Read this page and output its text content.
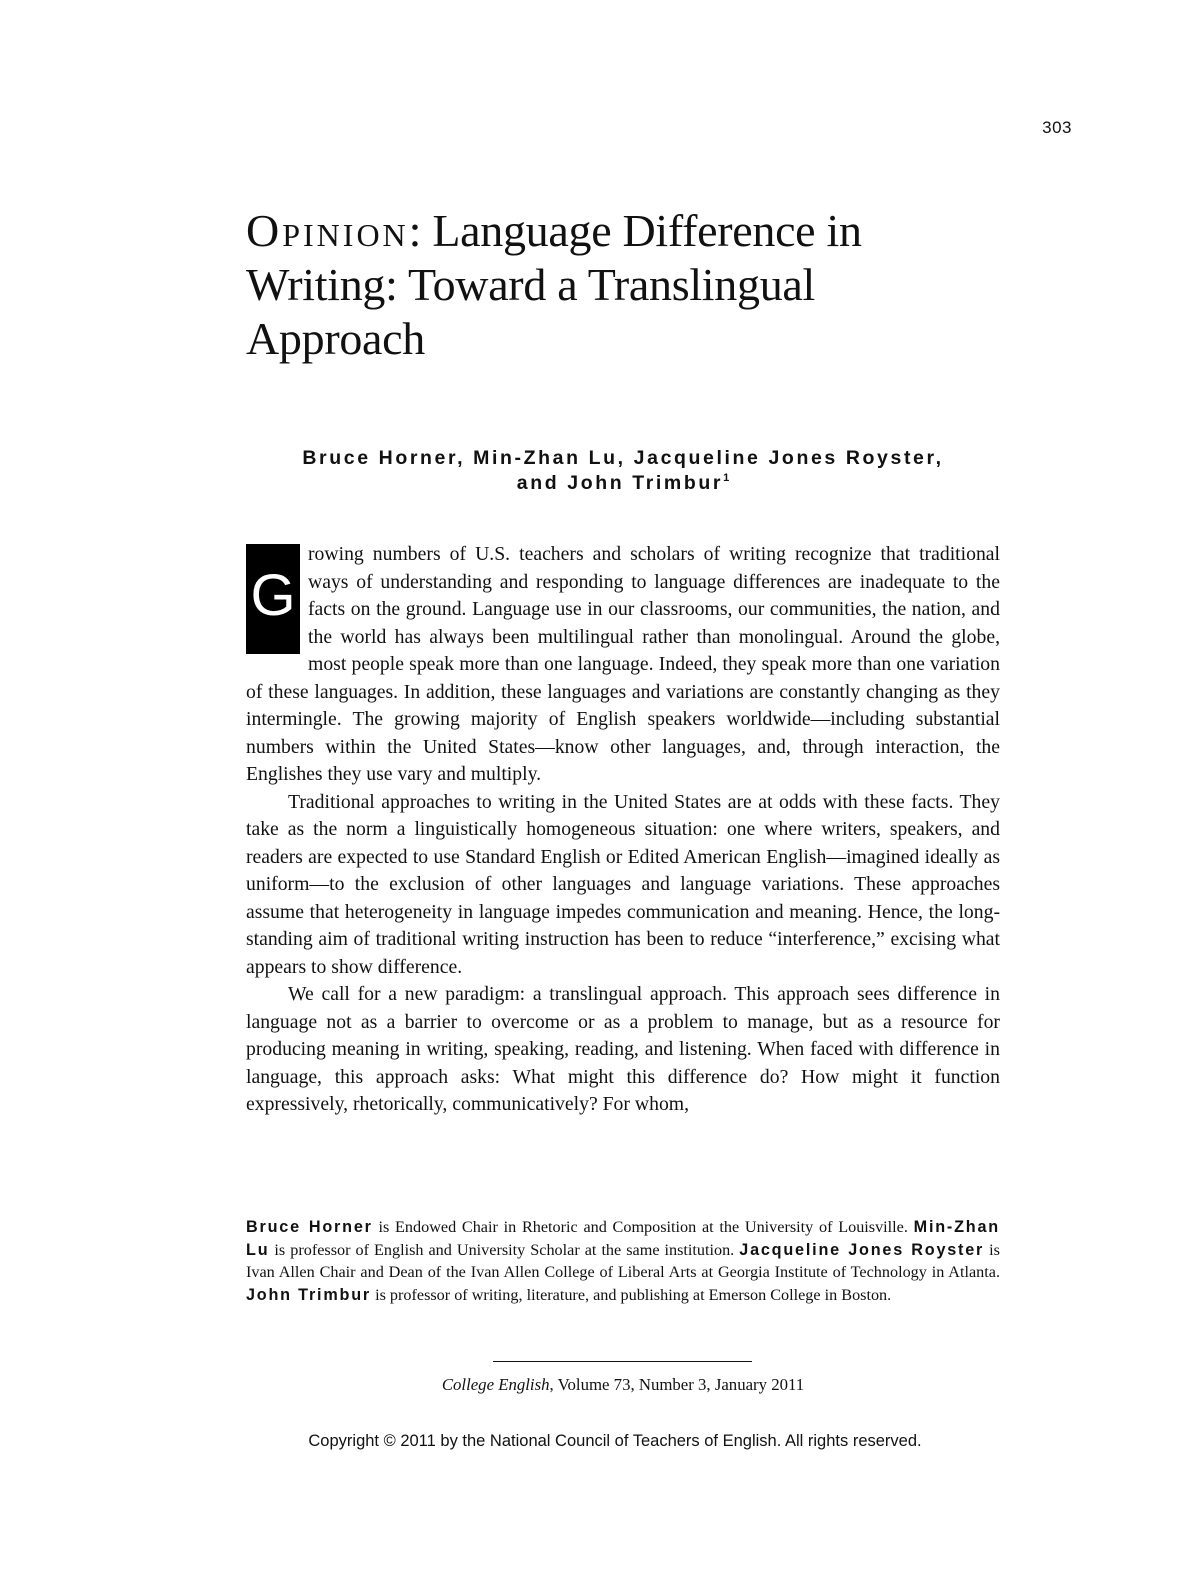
303
Opinion: Language Difference in Writing: Toward a Translingual Approach
Bruce Horner, Min-Zhan Lu, Jacqueline Jones Royster,
and John Trimbur$^1$

G
rowing numbers of U.S. teachers and scholars of writing recognize that traditional ways of understanding and responding to language differences are inadequate to the facts on the ground. Language use in our classrooms, our communities, the nation, and the world has always been multilingual rather than monolingual. Around the globe, most people speak more than one language. Indeed, they speak more than one variation of these languages. In addition, these languages and variations are constantly changing as they intermingle. The growing majority of English speakers worldwide—including substantial numbers within the United States—know other languages, and, through interaction, the Englishes they use vary and multiply.

Traditional approaches to writing in the United States are at odds with these facts. They take as the norm a linguistically homogeneous situation: one where writers, speakers, and readers are expected to use Standard English or Edited American English—imagined ideally as uniform—to the exclusion of other languages and language variations. These approaches assume that heterogeneity in language impedes communication and meaning. Hence, the long-standing aim of traditional writing instruction has been to reduce “interference,” excising what appears to show difference.

We call for a new paradigm: a translingual approach. This approach sees difference in language not as a barrier to overcome or as a problem to manage, but as a resource for producing meaning in writing, speaking, reading, and listening. When faced with difference in language, this approach asks: What might this difference do? How might it function expressively, rhetorically, communicatively? For whom,

Bruce Horner is Endowed Chair in Rhetoric and Composition at the University of Louisville. Min-Zhan Lu is professor of English and University Scholar at the same institution. Jacqueline Jones Royster is Ivan Allen Chair and Dean of the Ivan Allen College of Liberal Arts at Georgia Institute of Technology in Atlanta. John Trimbur is professor of writing, literature, and publishing at Emerson College in Boston.
College English, Volume 73, Number 3, January 2011
Copyright © 2011 by the National Council of Teachers of English. All rights reserved.
